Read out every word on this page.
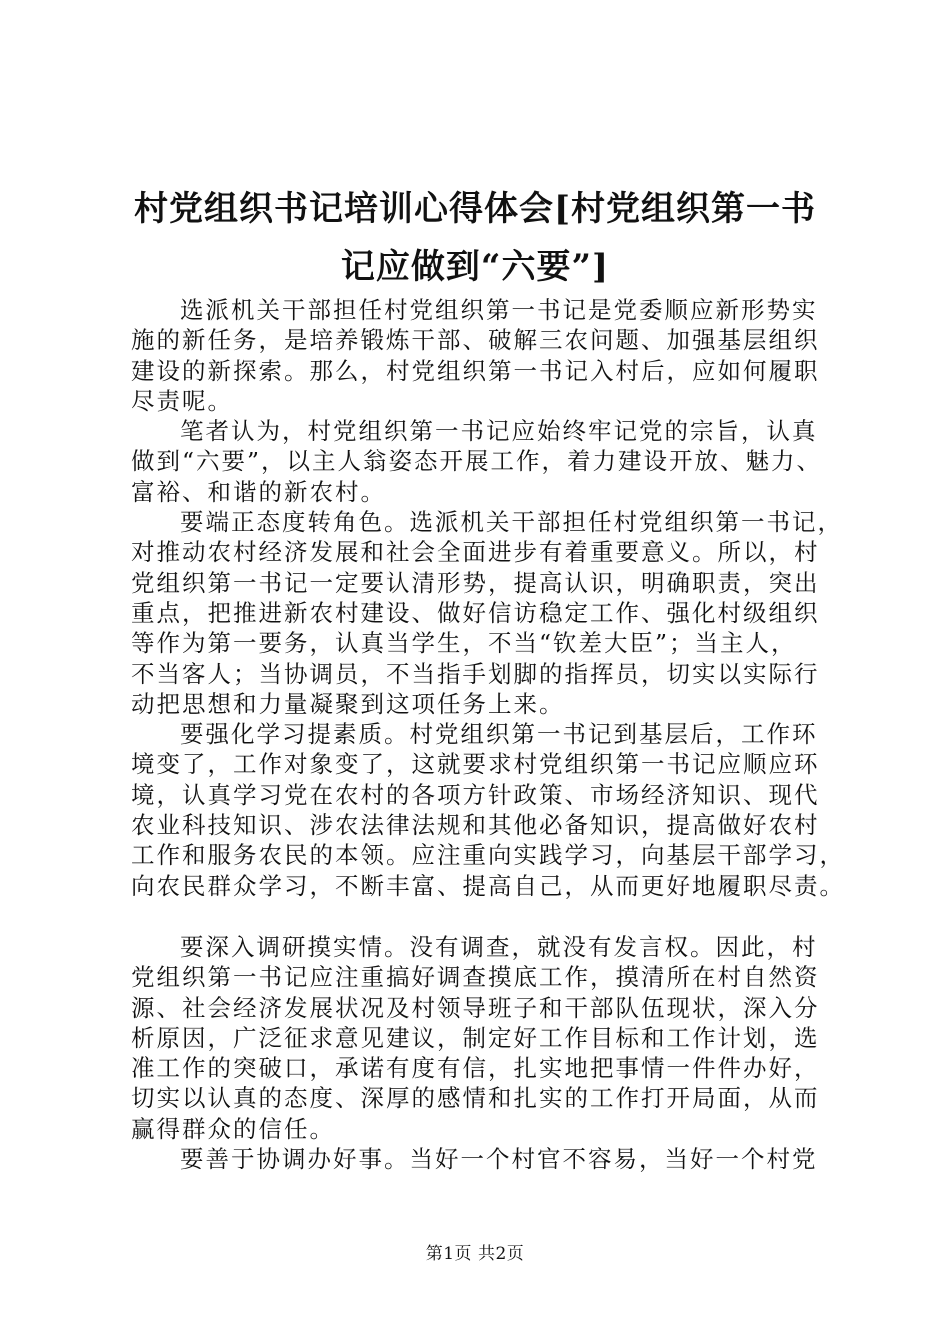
村党组织书记培训心得体会[村党组织第一书
记应做到“六要”]

选派机关干部担任村党组织第一书记是党委顺应新形势实
施的新任务，是培养锻炼干部、破解三农问题、加强基层组织
建设的新探索。那么，村党组织第一书记入村后，应如何履职
尽责呢。

笔者认为，村党组织第一书记应始终牢记党的宗旨，认真
做到“六要”，以主人翁姿态开展工作，着力建设开放、魅力、
富裕、和谐的新农村。

要端正态度转角色。选派机关干部担任村党组织第一书记，
对推动农村经济发展和社会全面进步有着重要意义。所以，村
党组织第一书记一定要认清形势，提高认识，明确职责，突出
重点，把推进新农村建设、做好信访稳定工作、强化村级组织
等作为第一要务，认真当学生，不当“钦差大臣”；当主人，
不当客人；当协调员，不当指手划脚的指挥员，切实以实际行
动把思想和力量凝聚到这项任务上来。

要强化学习提素质。村党组织第一书记到基层后，工作环
境变了，工作对象变了，这就要求村党组织第一书记应顺应环
境，认真学习党在农村的各项方针政策、市场经济知识、现代
农业科技知识、涉农法律法规和其他必备知识，提高做好农村
工作和服务农民的本领。应注重向实践学习，向基层干部学习，
向农民群众学习，不断丰富、提高自己，从而更好地履职尽责。

要深入调研摸实情。没有调查，就没有发言权。因此，村
党组织第一书记应注重搞好调查摸底工作，摸清所在村自然资
源、社会经济发展状况及村领导班子和干部队伍现状，深入分
析原因，广泛征求意见建议，制定好工作目标和工作计划，选
准工作的突破口，承诺有度有信，扎实地把事情一件件办好，
切实以认真的态度、深厚的感情和扎实的工作打开局面，从而
赢得群众的信任。

要善于协调办好事。当好一个村官不容易，当好一个村党

第1页 共2页
